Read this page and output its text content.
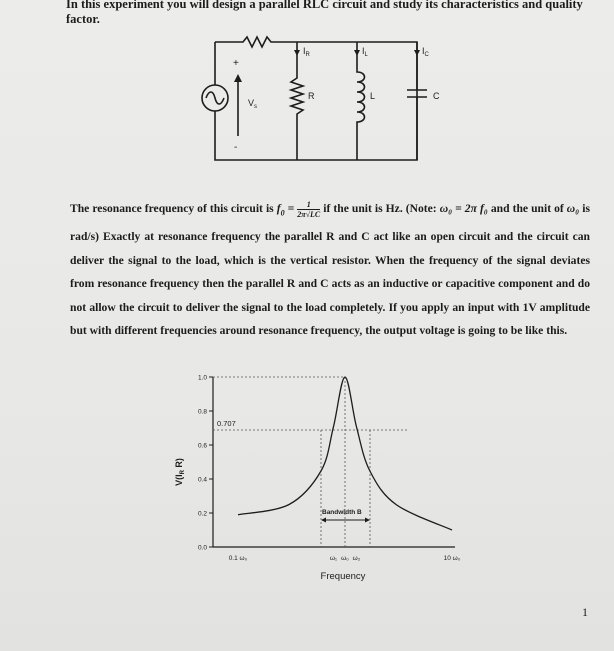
In this experiment you will design a parallel RLC circuit and study its characteristics and quality factor.

+
-
$V_s$
$I_R$	$I_L$	$I_C$
R	L	C

The resonance frequency of this circuit is $f_0 = \frac{1}{2\pi√LC}$ if the unit is Hz. (Note: ω₀ = 2π f₀ and the unit of ω₀ is rad/s) Exactly at resonance frequency the parallel R and C act like an open circuit and the circuit can deliver the signal to the load, which is the vertical resistor. When the frequency of the signal deviates from resonance frequency then the parallel R and C acts as an inductive or capacitive component and do not allow the circuit to deliver the signal to the load completely. If you apply an input with 1V amplitude but with different frequencies around resonance frequency, the output voltage is going to be like this.

0.0
0.2
0.4
0.6
0.8
1.0
0.1 ω₀	ω₁ ω₀ ω₂	10 ω₀
Bandwidth B
0.707
$V(I_R$ R)
Frequency
1
